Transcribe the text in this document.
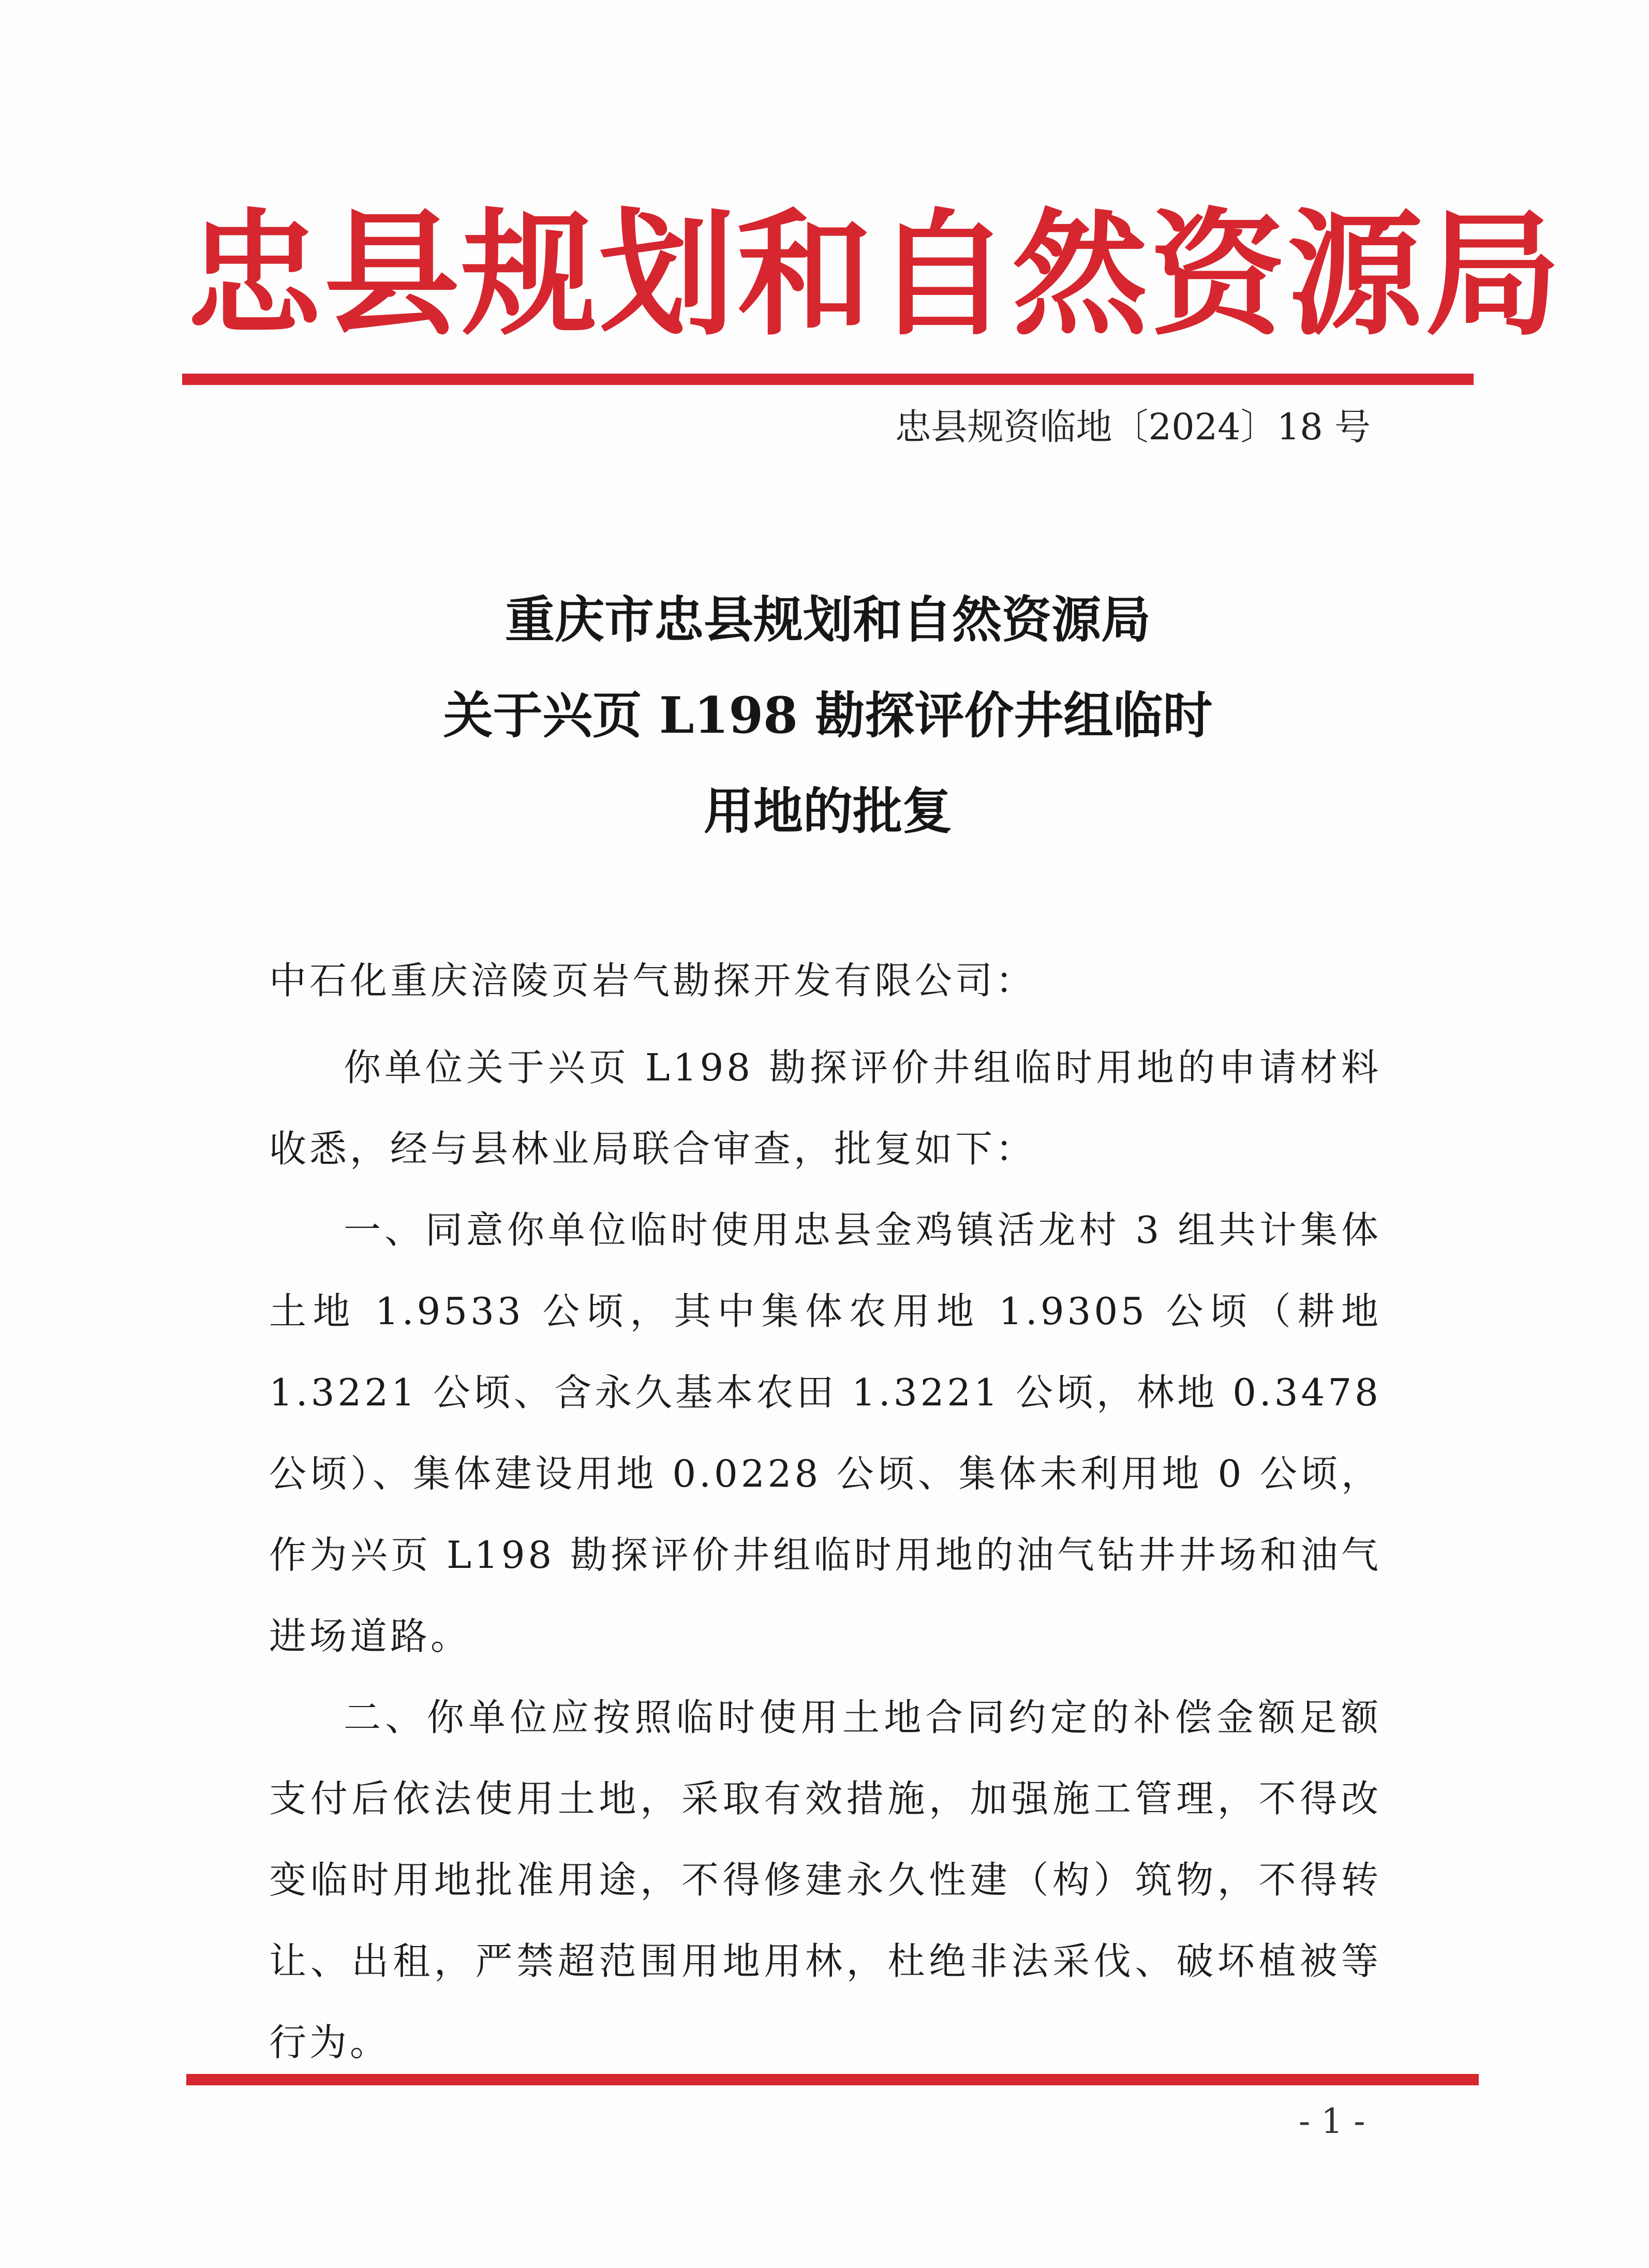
忠县规划和自然资源局
忠县规资临地〔2024〕18 号
重庆市忠县规划和自然资源局
关于兴页 L198 勘探评价井组临时
用地的批复
中石化重庆涪陵页岩气勘探开发有限公司：

你单位关于兴页 L198 勘探评价井组临时用地的申请材料收悉，经与县林业局联合审查，批复如下：

一、同意你单位临时使用忠县金鸡镇活龙村 3 组共计集体土地 1.9533 公顷，其中集体农用地 1.9305 公顷（耕地 1.3221 公顷、含永久基本农田 1.3221 公顷，林地 0.3478 公顷）、集体建设用地 0.0228 公顷、集体未利用地 0 公顷，作为兴页 L198 勘探评价井组临时用地的油气钻井井场和油气进场道路。

二、你单位应按照临时使用土地合同约定的补偿金额足额支付后依法使用土地，采取有效措施，加强施工管理，不得改变临时用地批准用途，不得修建永久性建（构）筑物，不得转让、出租，严禁超范围用地用林，杜绝非法采伐、破坏植被等行为。

- 1 -
